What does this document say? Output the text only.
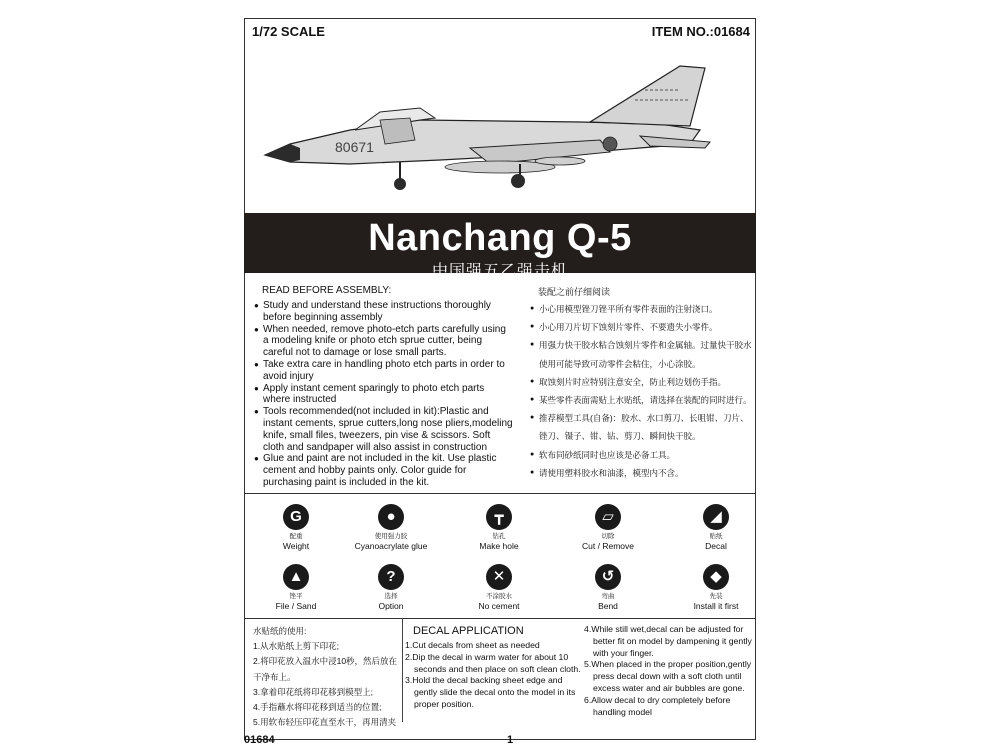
1/72 SCALE	ITEM NO.:01684
80671
Nanchang Q-5
中国强五乙强击机
READ BEFORE ASSEMBLY:
● Study and understand these instructions thoroughly before beginning assembly
● When needed, remove photo-etch parts carefully using a modeling knife or photo etch sprue cutter, being careful not to damage or lose small parts.
● Take extra care in handling photo etch parts in order to avoid injury
● Apply instant cement sparingly to photo etch parts where instructed
● Tools recommended(not included in kit):Plastic and instant cements, sprue cutters,long nose pliers,modeling knife, small files, tweezers, pin vise & scissors. Soft cloth and sandpaper will also assist in construction
● Glue and paint are not included in the kit. Use plastic cement and hobby paints only. Color guide for purchasing paint is included in the kit.
装配之前仔细阅读
● 小心用模型锉刀锉平所有零件表面的注射浇口。
● 小心用刀片切下蚀刻片零件、不要遗失小零件。
● 用强力快干胶水粘合蚀刻片零件和金属轴。过量快干胶水使用可能导致可动零件会粘住，小心涂胶。
● 取蚀刻片时应特别注意安全，防止利边划伤手指。
● 某些零件表面需贴上水贴纸，请选择在装配的同时进行。
● 推荐模型工具(自备)：胶水、水口剪刀、长咀钳、刀片、锉刀、镊子、钳、钻、剪刀、瞬间快干胶。
● 软布同砂纸同时也应该是必备工具。
● 请使用塑料胶水和油漆，模型内不含。
G
配重
Weight
●
使用强力胶
Cyanoacrylate glue
┳
钻孔
Make hole
▱
切除
Cut / Remove
◢
贴纸
Decal
▲
锉平
File / Sand
?
选择
Option
✕
不涂胶水
No cement
↺
弯曲
Bend
◆
先装
Install it first
水贴纸的使用:
1.从水贴纸上剪下印花;
2.将印花放入温水中浸10秒，然后放在干净布上。
3.拿着印花纸将印花移到模型上;
4.手指蘸水将印花移到适当的位置;
5.用软布轻压印花直至水干，再用清夹
DECAL APPLICATION
1.Cut decals from sheet as needed
2.Dip the decal in warm water for about 10 seconds and then place on soft clean cloth.
3.Hold the decal backing sheet edge and gently slide the decal onto the model in its proper position.
4.While still wet,decal can be adjusted for better fit on model by dampening it gently with your finger.
5.When placed in the proper position,gently press decal down with a soft cloth until excess water and air bubbles are gone.
6.Allow decal to dry completely before handling model
01684	1
